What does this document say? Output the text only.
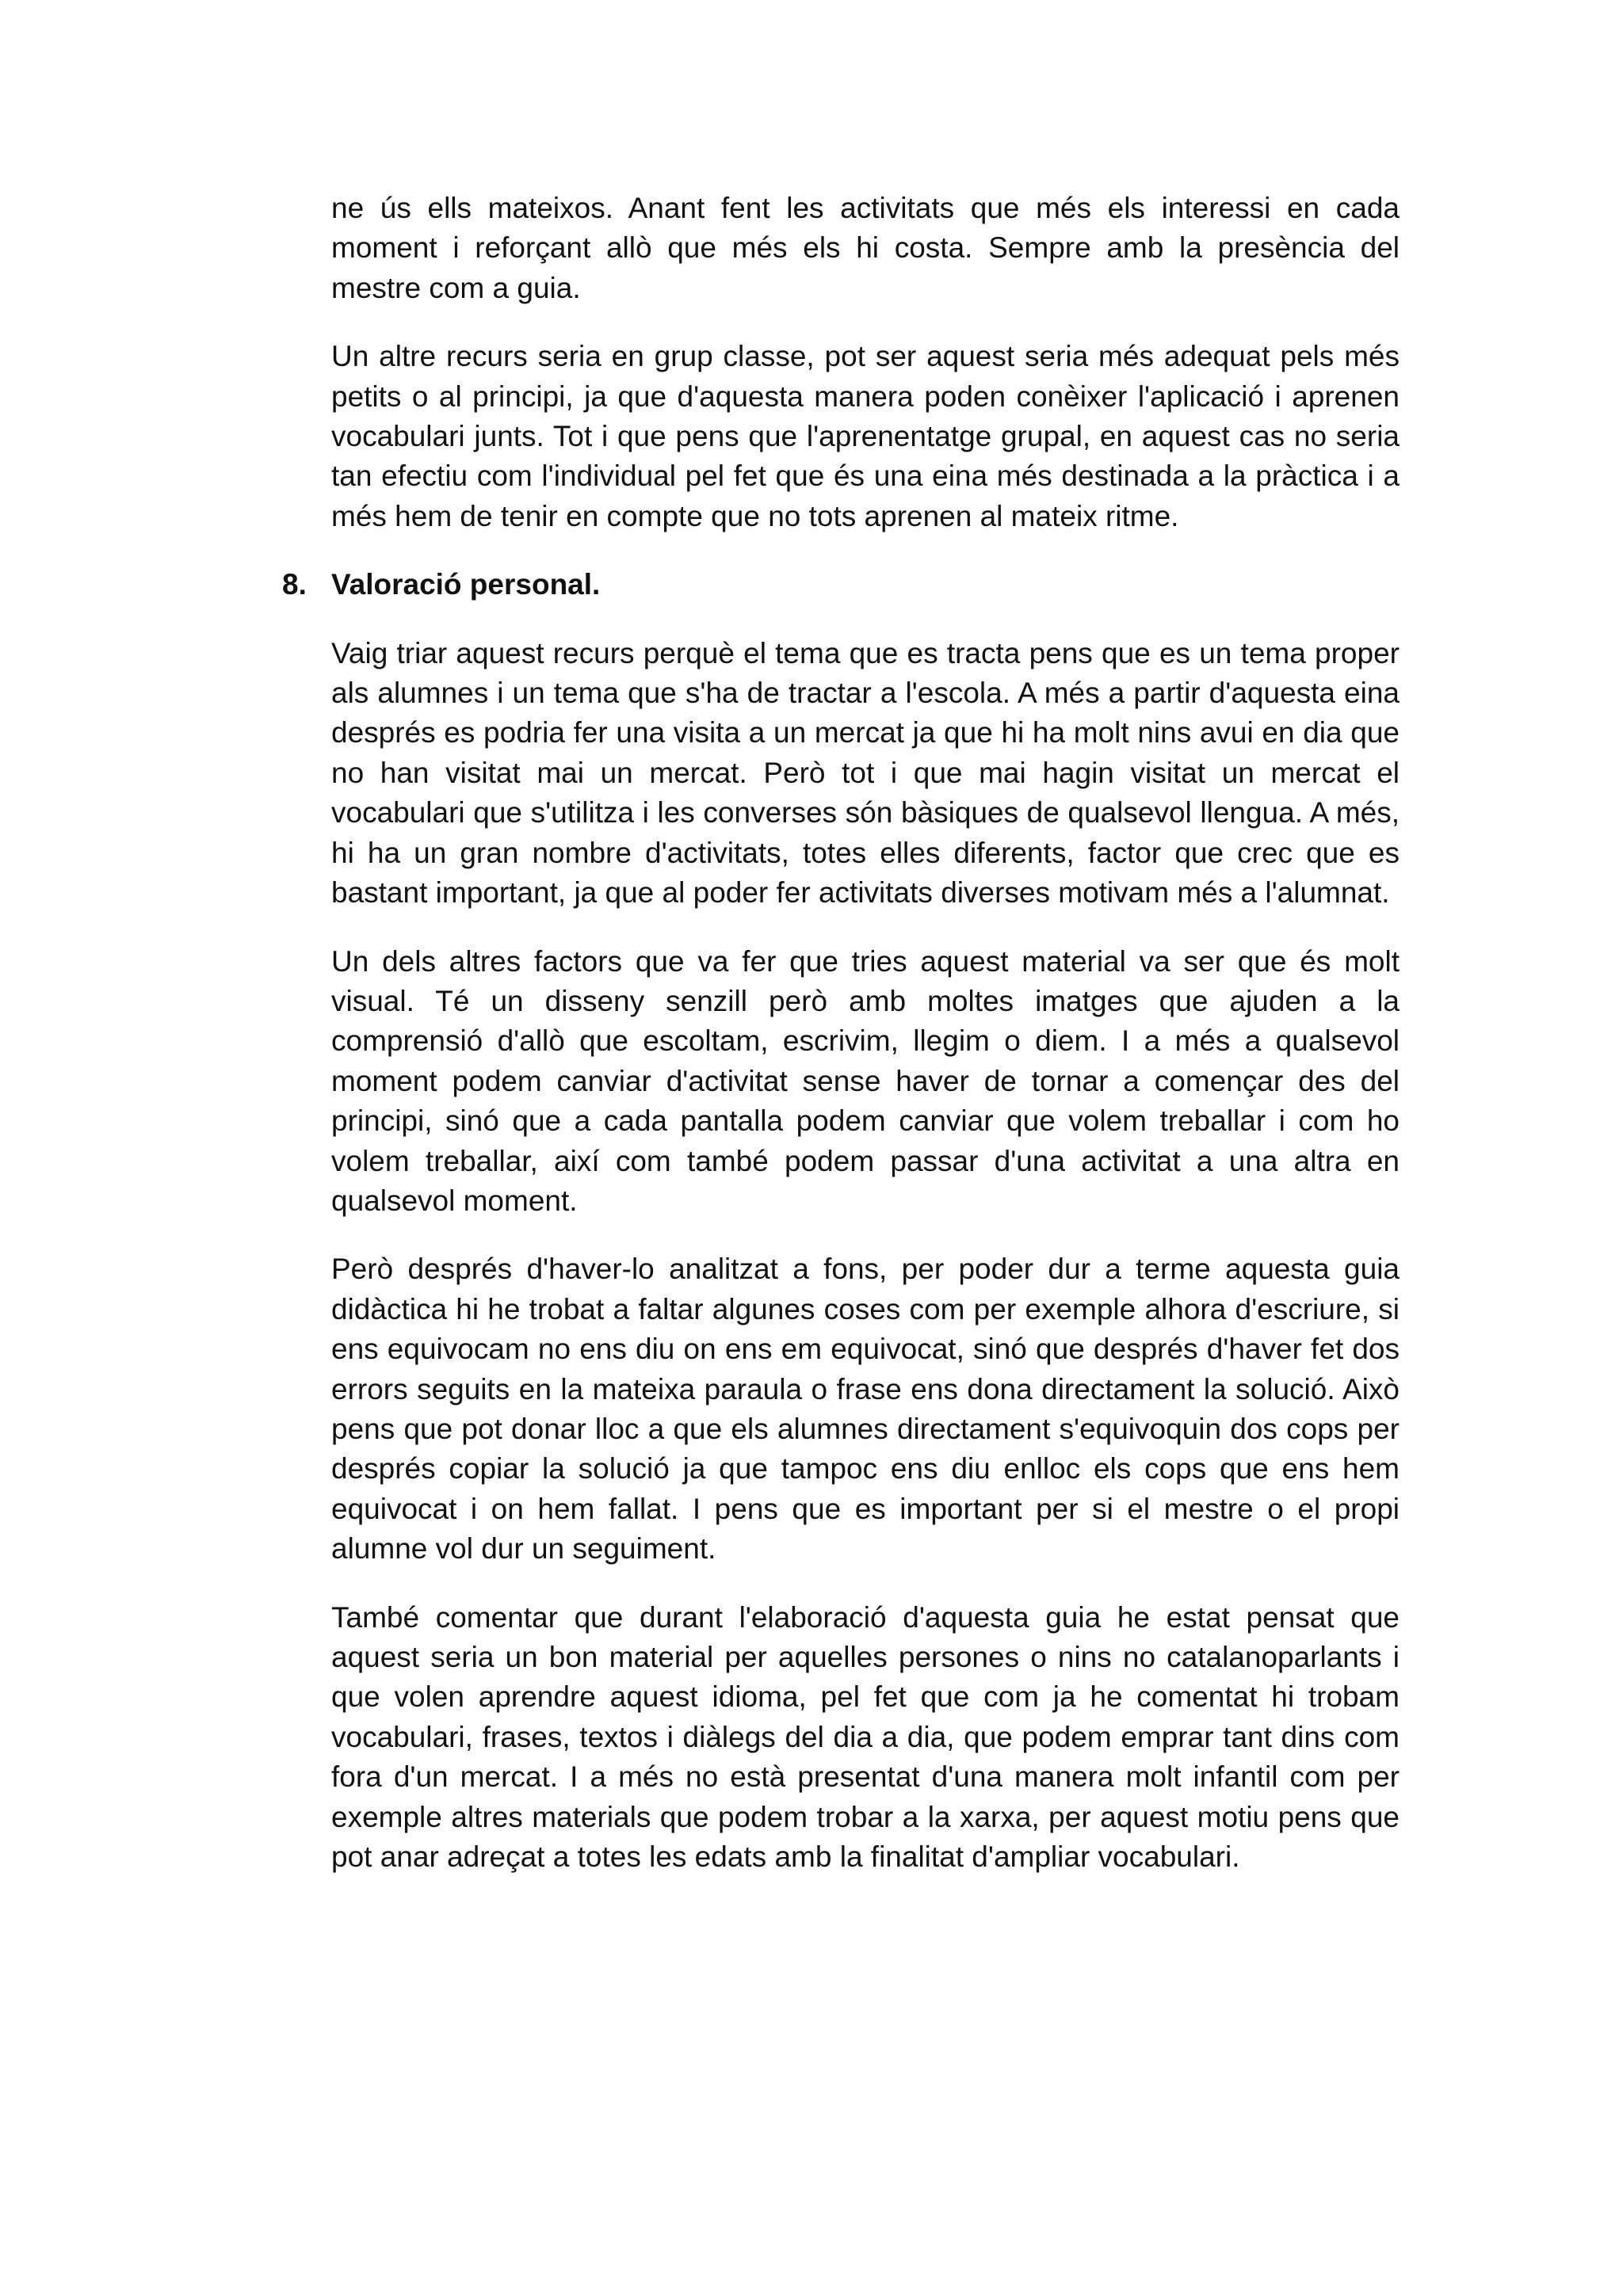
ne ús ells mateixos. Anant fent les activitats que més els interessi en cada moment i reforçant allò que més els hi costa. Sempre amb la presència del mestre com a guia.

Un altre recurs seria en grup classe, pot ser aquest seria més adequat pels més petits o al principi, ja que d'aquesta manera poden conèixer l'aplicació i aprenen vocabulari junts. Tot i que pens que l'aprenentatge grupal, en aquest cas no seria tan efectiu com l'individual pel fet que és una eina més destinada a la pràctica i a més hem de tenir en compte que no tots aprenen al mateix ritme.

8. Valoració personal.

Vaig triar aquest recurs perquè el tema que es tracta pens que es un tema proper als alumnes i un tema que s'ha de tractar a l'escola. A més a partir d'aquesta eina després es podria fer una visita a un mercat ja que hi ha molt nins avui en dia que no han visitat mai un mercat. Però tot i que mai hagin visitat un mercat el vocabulari que s'utilitza i les converses són bàsiques de qualsevol llengua. A més, hi ha un gran nombre d'activitats, totes elles diferents, factor que crec que es bastant important, ja que al poder fer activitats diverses motivam més a l'alumnat.

Un dels altres factors que va fer que tries aquest material va ser que és molt visual. Té un disseny senzill però amb moltes imatges que ajuden a la comprensió d'allò que escoltam, escrivim, llegim o diem. I a més a qualsevol moment podem canviar d'activitat sense haver de tornar a començar des del principi, sinó que a cada pantalla podem canviar que volem treballar i com ho volem treballar, així com també podem passar d'una activitat a una altra en qualsevol moment.

Però després d'haver-lo analitzat a fons, per poder dur a terme aquesta guia didàctica hi he trobat a faltar algunes coses com per exemple alhora d'escriure, si ens equivocam no ens diu on ens em equivocat, sinó que després d'haver fet dos errors seguits en la mateixa paraula o frase ens dona directament la solució. Això pens que pot donar lloc a que els alumnes directament s'equivoquin dos cops per després copiar la solució ja que tampoc ens diu enlloc els cops que ens hem equivocat i on hem fallat. I pens que es important per si el mestre o el propi alumne vol dur un seguiment.

També comentar que durant l'elaboració d'aquesta guia he estat pensat que aquest seria un bon material per aquelles persones o nins no catalanoparlants i que volen aprendre aquest idioma, pel fet que com ja he comentat hi trobam vocabulari, frases, textos i diàlegs del dia a dia, que podem emprar tant dins com fora d'un mercat. I a més no està presentat d'una manera molt infantil com per exemple altres materials que podem trobar a la xarxa, per aquest motiu pens que pot anar adreçat a totes les edats amb la finalitat d'ampliar vocabulari.
